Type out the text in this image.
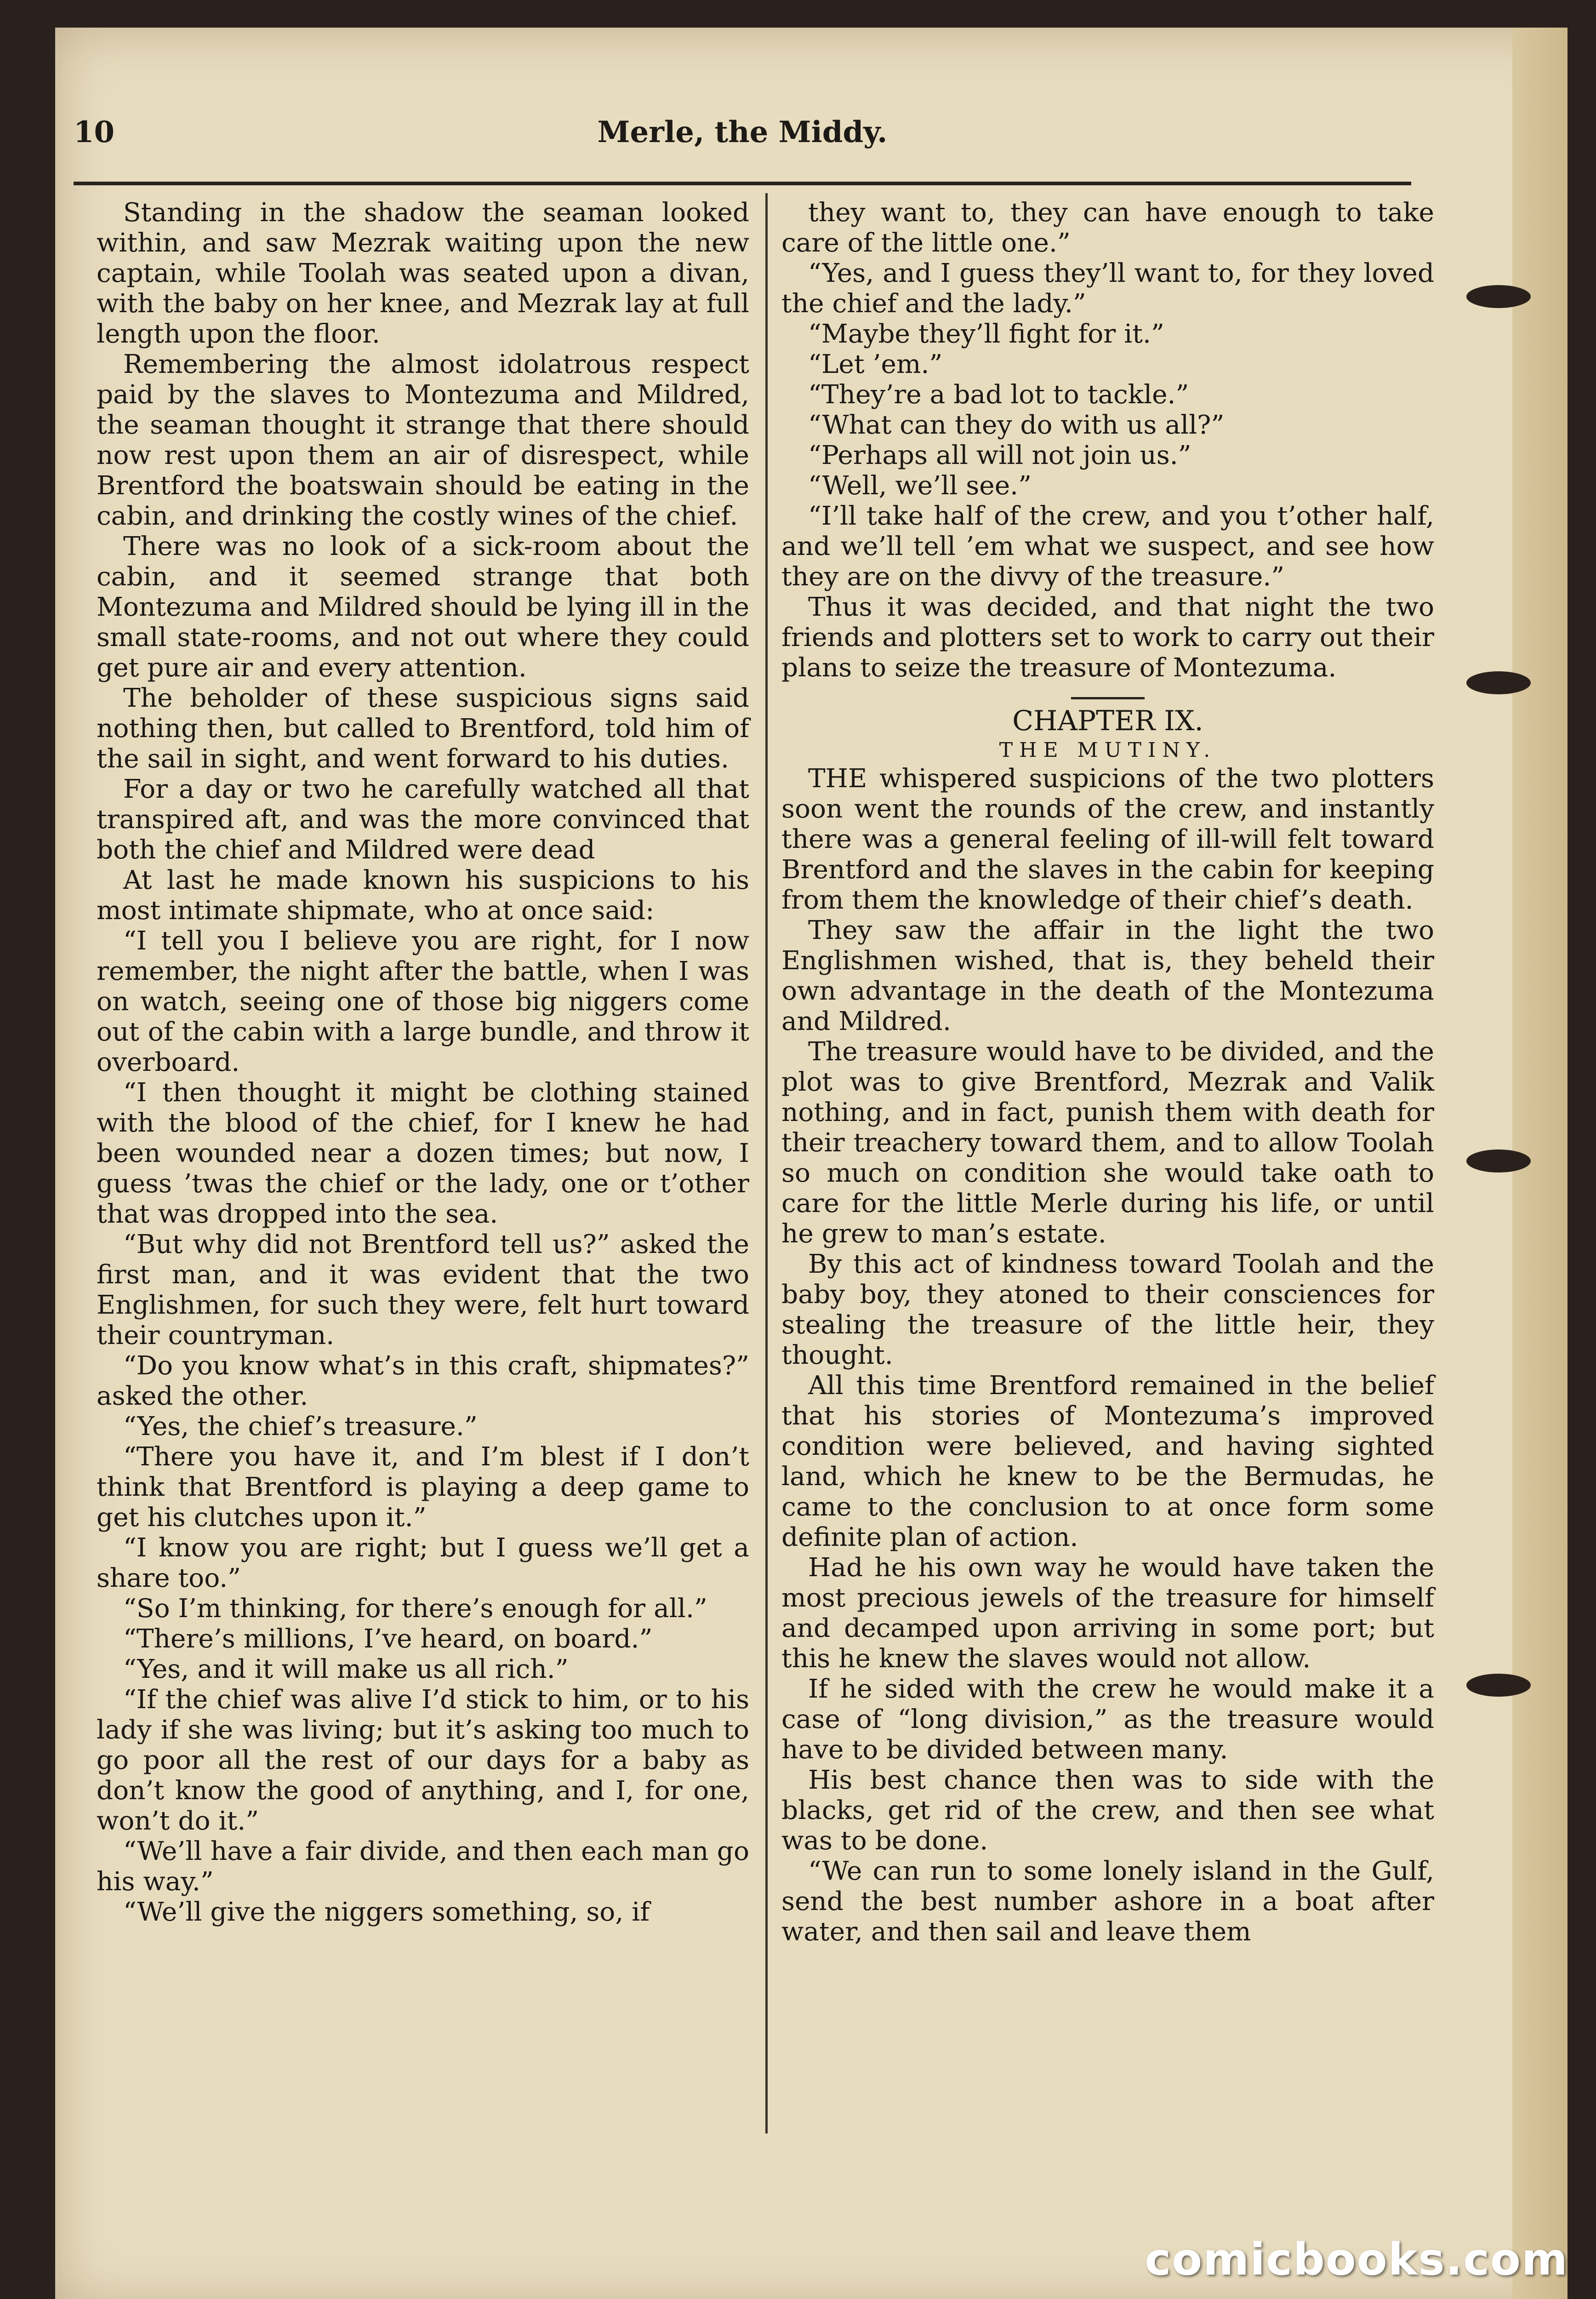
10	Merle, the Middy.

Standing in the shadow the seaman looked within, and saw Mezrak waiting upon the new captain, while Toolah was seated upon a divan, with the baby on her knee, and Mezrak lay at full length upon the floor.

Remembering the almost idolatrous respect paid by the slaves to Montezuma and Mildred, the seaman thought it strange that there should now rest upon them an air of disrespect, while Brentford the boatswain should be eating in the cabin, and drinking the costly wines of the chief.

There was no look of a sick-room about the cabin, and it seemed strange that both Montezuma and Mildred should be lying ill in the small state-rooms, and not out where they could get pure air and every attention.

The beholder of these suspicious signs said nothing then, but called to Brentford, told him of the sail in sight, and went forward to his duties.

For a day or two he carefully watched all that transpired aft, and was the more convinced that both the chief and Mildred were dead

At last he made known his suspicions to his most intimate shipmate, who at once said:

“I tell you I believe you are right, for I now remember, the night after the battle, when I was on watch, seeing one of those big niggers come out of the cabin with a large bundle, and throw it overboard.

“I then thought it might be clothing stained with the blood of the chief, for I knew he had been wounded near a dozen times; but now, I guess ’twas the chief or the lady, one or t’other that was dropped into the sea.

“But why did not Brentford tell us?” asked the first man, and it was evident that the two Englishmen, for such they were, felt hurt toward their countryman.

“Do you know what’s in this craft, shipmates?” asked the other.

“Yes, the chief’s treasure.”

“There you have it, and I’m blest if I don’t think that Brentford is playing a deep game to get his clutches upon it.”

“I know you are right; but I guess we’ll get a share too.”

“So I’m thinking, for there’s enough for all.”

“There’s millions, I’ve heard, on board.”

“Yes, and it will make us all rich.”

“If the chief was alive I’d stick to him, or to his lady if she was living; but it’s asking too much to go poor all the rest of our days for a baby as don’t know the good of anything, and I, for one, won’t do it.”

“We’ll have a fair divide, and then each man go his way.”

“We’ll give the niggers something, so, if

they want to, they can have enough to take care of the little one.”

“Yes, and I guess they’ll want to, for they loved the chief and the lady.”

“Maybe they’ll fight for it.”

“Let ’em.”

“They’re a bad lot to tackle.”

“What can they do with us all?”

“Perhaps all will not join us.”

“Well, we’ll see.”

“I’ll take half of the crew, and you t’other half, and we’ll tell ’em what we suspect, and see how they are on the divvy of the treasure.”

Thus it was decided, and that night the two friends and plotters set to work to carry out their plans to seize the treasure of Montezuma.

CHAPTER IX.

THE MUTINY.

THE whispered suspicions of the two plotters soon went the rounds of the crew, and instantly there was a general feeling of ill-will felt toward Brentford and the slaves in the cabin for keeping from them the knowledge of their chief’s death.

They saw the affair in the light the two Englishmen wished, that is, they beheld their own advantage in the death of the Montezuma and Mildred.

The treasure would have to be divided, and the plot was to give Brentford, Mezrak and Valik nothing, and in fact, punish them with death for their treachery toward them, and to allow Toolah so much on condition she would take oath to care for the little Merle during his life, or until he grew to man’s estate.

By this act of kindness toward Toolah and the baby boy, they atoned to their consciences for stealing the treasure of the little heir, they thought.

All this time Brentford remained in the belief that his stories of Montezuma’s improved condition were believed, and having sighted land, which he knew to be the Bermudas, he came to the conclusion to at once form some definite plan of action.

Had he his own way he would have taken the most precious jewels of the treasure for himself and decamped upon arriving in some port; but this he knew the slaves would not allow.

If he sided with the crew he would make it a case of “long division,” as the treasure would have to be divided between many.

His best chance then was to side with the blacks, get rid of the crew, and then see what was to be done.

“We can run to some lonely island in the Gulf, send the best number ashore in a boat after water, and then sail and leave them

comicbooks.com
